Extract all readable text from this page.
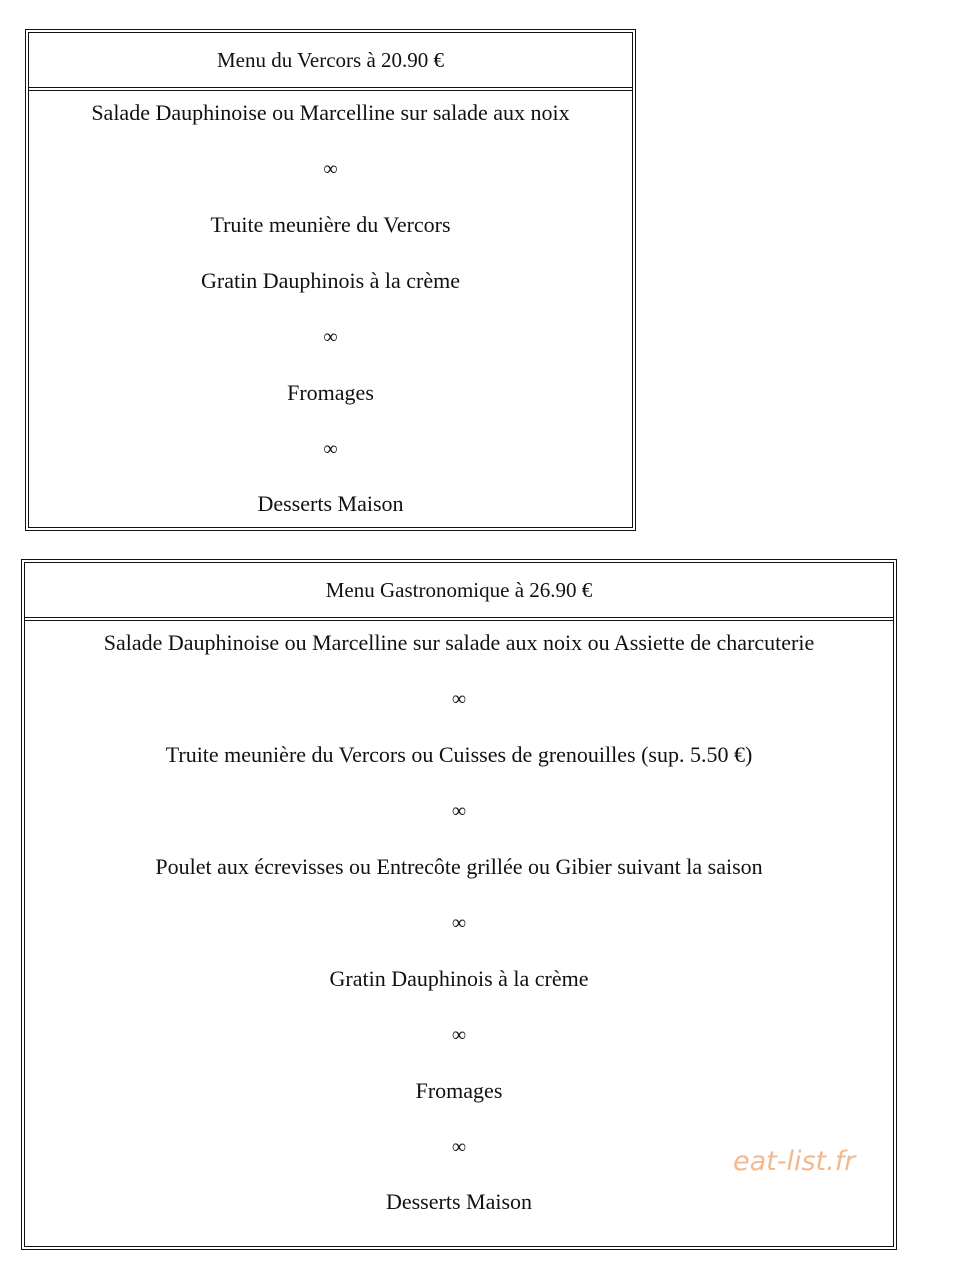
Menu du Vercors à 20.90 €
Salade Dauphinoise ou Marcelline sur salade aux noix
∞
Truite meunière du Vercors
Gratin Dauphinois à la crème
∞
Fromages
∞
Desserts Maison
Menu Gastronomique à 26.90 €
Salade Dauphinoise ou Marcelline sur salade aux noix ou Assiette de charcuterie
∞
Truite meunière du Vercors ou Cuisses de grenouilles (sup. 5.50 €)
∞
Poulet aux écrevisses ou Entrecôte grillée ou Gibier suivant la saison
∞
Gratin Dauphinois à la crème
∞
Fromages
∞
Desserts Maison
eat-list.fr
